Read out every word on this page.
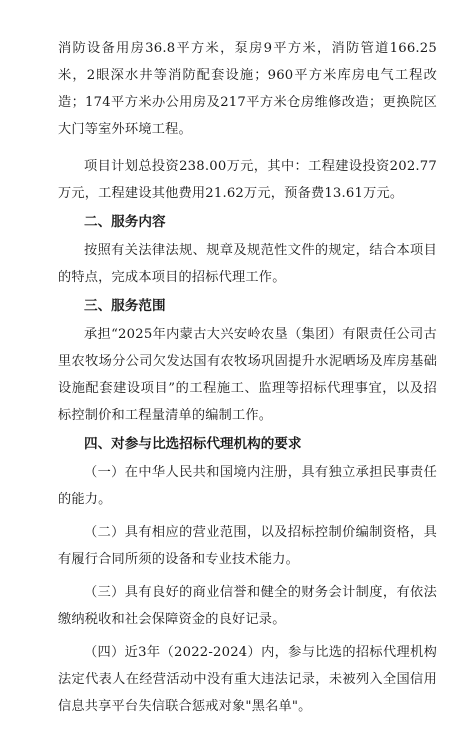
消防设备用房36.8平方米，泵房9平方米，消防管道166.25米，2眼深水井等消防配套设施；960平方米库房电气工程改造；174平方米办公用房及217平方米仓房维修改造；更换院区大门等室外环境工程。

项目计划总投资238.00万元，其中：工程建设投资202.77万元，工程建设其他费用21.62万元，预备费13.61万元。

二、服务内容

按照有关法律法规、规章及规范性文件的规定，结合本项目的特点，完成本项目的招标代理工作。

三、服务范围

承担“2025年内蒙古大兴安岭农垦（集团）有限责任公司古里农牧场分公司欠发达国有农牧场巩固提升水泥晒场及库房基础设施配套建设项目”的工程施工、监理等招标代理事宜，以及招标控制价和工程量清单的编制工作。

四、对参与比选招标代理机构的要求

（一）在中华人民共和国境内注册，具有独立承担民事责任的能力。

（二）具有相应的营业范围，以及招标控制价编制资格，具有履行合同所须的设备和专业技术能力。

（三）具有良好的商业信誉和健全的财务会计制度，有依法缴纳税收和社会保障资金的良好记录。

（四）近3年（2022-2024）内，参与比选的招标代理机构法定代表人在经营活动中没有重大违法记录，未被列入全国信用信息共享平台失信联合惩戒对象"黑名单"。
